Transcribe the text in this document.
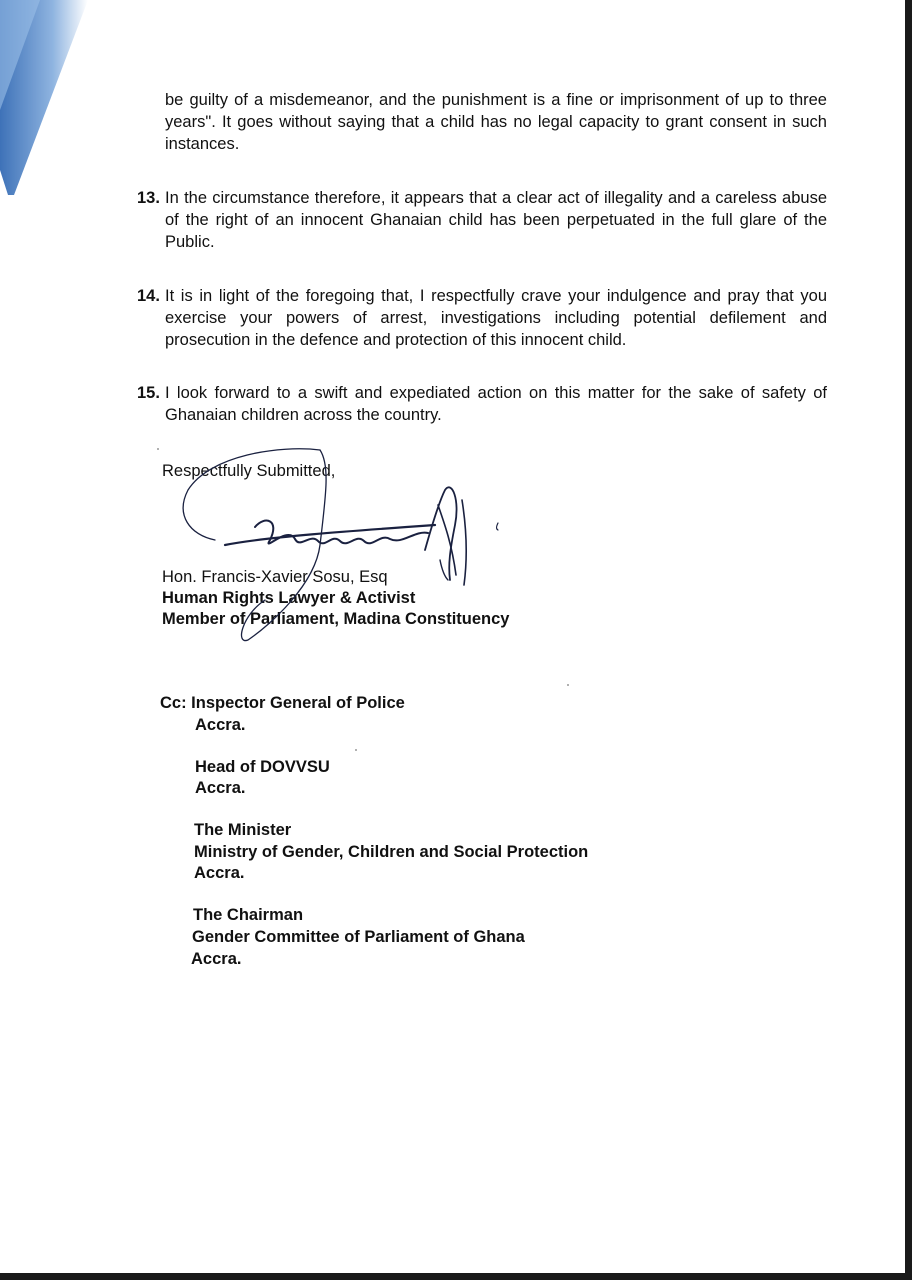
be guilty of a misdemeanor, and the punishment is a fine or imprisonment of up to three years". It goes without saying that a child has no legal capacity to grant consent in such instances.
13. In the circumstance therefore, it appears that a clear act of illegality and a careless abuse of the right of an innocent Ghanaian child has been perpetuated in the full glare of the Public.
14. It is in light of the foregoing that, I respectfully crave your indulgence and pray that you exercise your powers of arrest, investigations including potential defilement and prosecution in the defence and protection of this innocent child.
15. I look forward to a swift and expediated action on this matter for the sake of safety of Ghanaian children across the country.
Respectfully Submitted,
Hon. Francis-Xavier Sosu, Esq
Human Rights Lawyer & Activist
Member of Parliament, Madina Constituency
Cc: Inspector General of Police
Accra.
Head of DOVVSU
Accra.
The Minister
Ministry of Gender, Children and Social Protection
Accra.
The Chairman
Gender Committee of Parliament of Ghana
Accra.
